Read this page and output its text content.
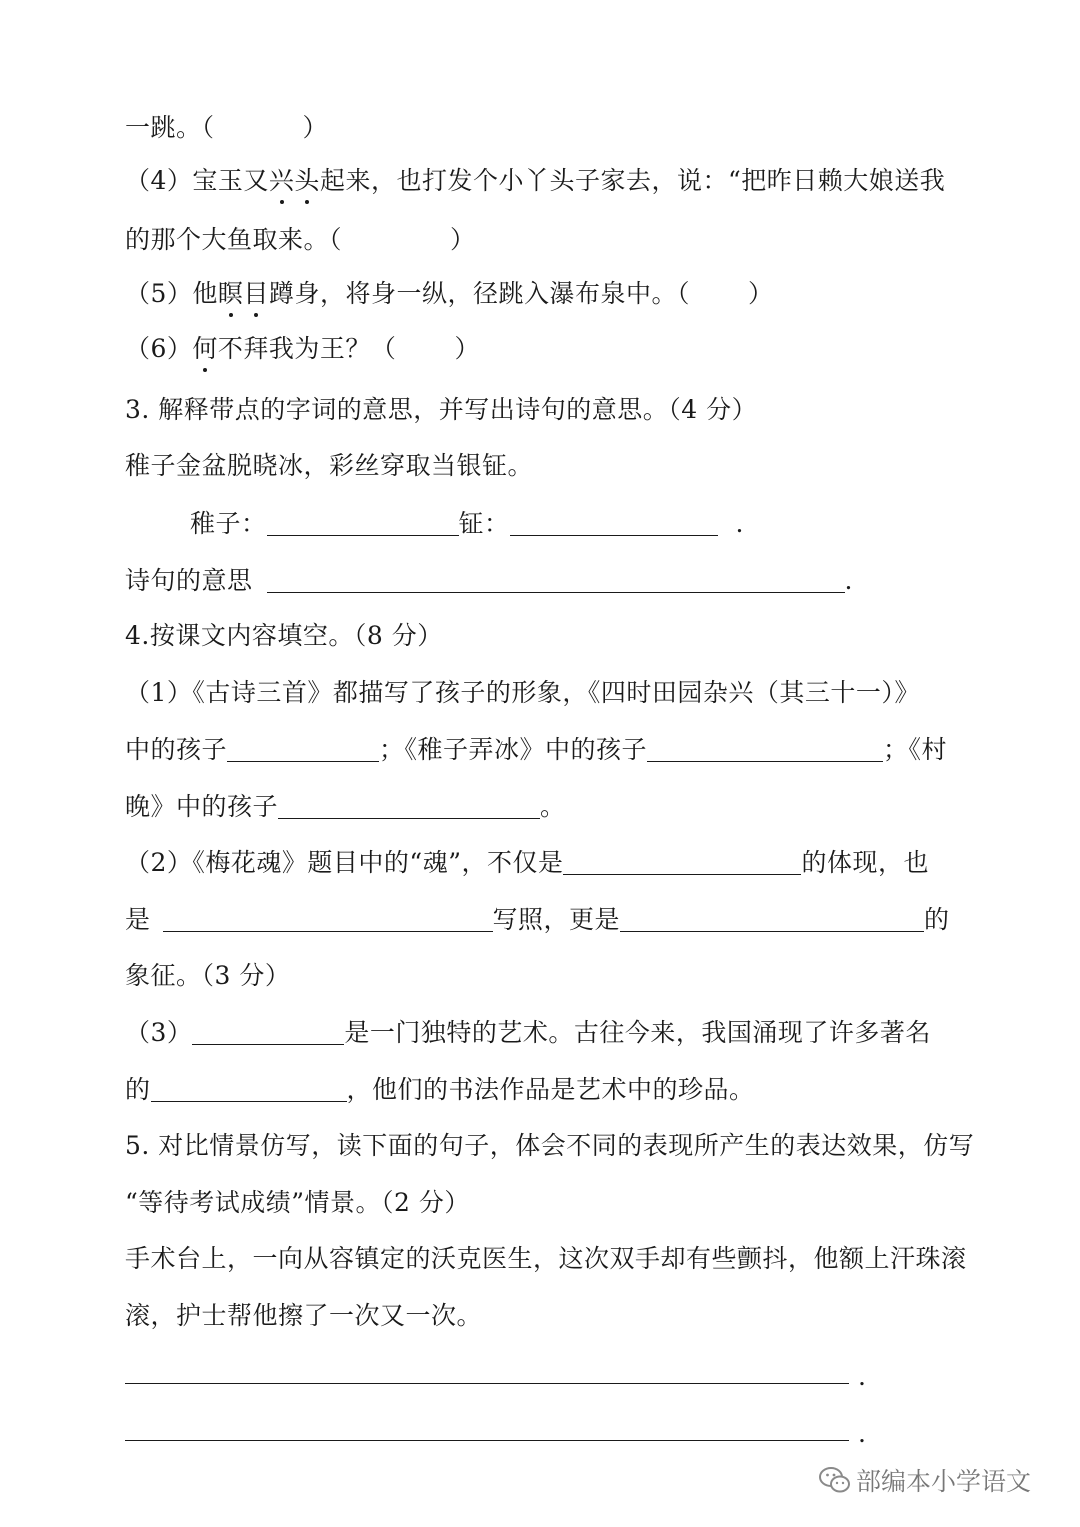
一跳。（	）
（4）宝玉又兴头起来，也打发个小丫头子家去，说：“把昨日赖大娘送我
的那个大鱼取来。（	）
（5）他瞑目蹲身，将身一纵，径跳入瀑布泉中。（ ）
（6）何不拜我为王？（ ）
3. 解释带点的字词的意思，并写出诗句的意思。（4 分）
稚子金盆脱晓冰，彩丝穿取当银钲。
稚子：	钲：	.
诗句的意思	.
4.按课文内容填空。（8 分）
（1）《古诗三首》都描写了孩子的形象，《四时田园杂兴（其三十一）》
中的孩子	；《稚子弄冰》中的孩子	；《村
晚》中的孩子	。
（2）《梅花魂》题目中的“魂”，不仅是	的体现，也
是	写照，更是	的
象征。（3 分）
（3）	是一门独特的艺术。古往今来，我国涌现了许多著名
的	，他们的书法作品是艺术中的珍品。
5. 对比情景仿写，读下面的句子，体会不同的表现所产生的表达效果，仿写
“等待考试成绩”情景。（2 分）
手术台上，一向从容镇定的沃克医生，这次双手却有些颤抖，他额上汗珠滚
滚，护士帮他擦了一次又一次。
.
.
部编本小学语文
